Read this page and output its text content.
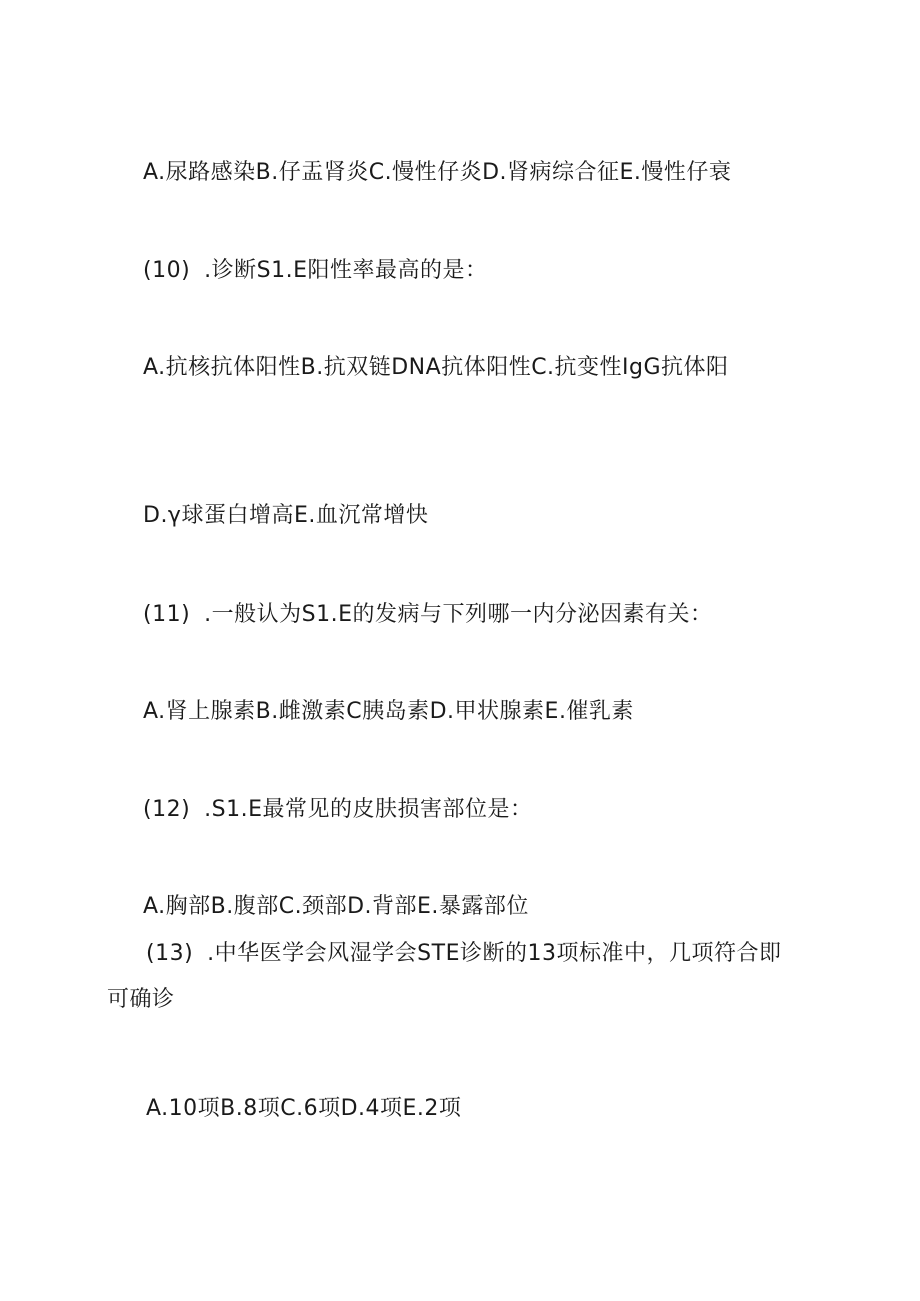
A.尿路感染B.仔盂肾炎C.慢性仔炎D.肾病综合征E.慢性仔衰
(10) .诊断S1.E阳性率最高的是：
A.抗核抗体阳性B.抗双链DNA抗体阳性C.抗变性IgG抗体阳
D.γ球蛋白增高E.血沉常增快
(11) .一般认为S1.E的发病与下列哪一内分泌因素有关：
A.肾上腺素B.雌激素C胰岛素D.甲状腺素E.催乳素
(12) .S1.E最常见的皮肤损害部位是：
A.胸部B.腹部C.颈部D.背部E.暴露部位
(13) .中华医学会风湿学会STE诊断的13项标准中，几项符合即
可确诊
A.10项B.8项C.6项D.4项E.2项
